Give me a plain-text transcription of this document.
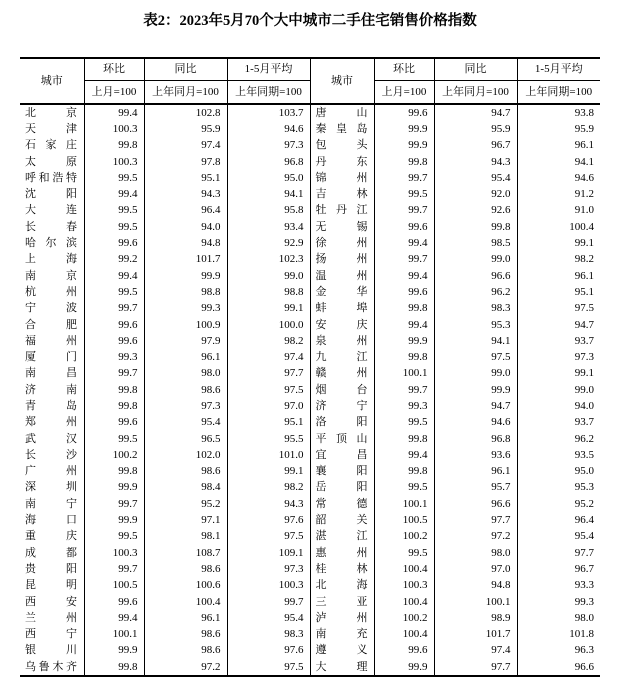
表2：2023年5月70个大中城市二手住宅销售价格指数
城市	环比	同比	1-5月平均	城市	环比	同比	1-5月平均
	上月=100	上年同月=100	上年同期=100		上月=100	上年同月=100	上年同期=100

北 京	99.4	102.8	103.7	唐 山	99.6	94.7	93.8

天 津	100.3	95.9	94.6	秦 皇 岛	99.9	95.9	95.9

石 家 庄	99.8	97.4	97.3	包 头	99.9	96.7	96.1

太 原	100.3	97.8	96.8	丹 东	99.8	94.3	94.1

呼 和 浩 特	99.5	95.1	95.0	锦 州	99.7	95.4	94.6

沈 阳	99.4	94.3	94.1	吉 林	99.5	92.0	91.2

大 连	99.5	96.4	95.8	牡 丹 江	99.7	92.6	91.0

长 春	99.5	94.0	93.4	无 锡	99.6	99.8	100.4

哈 尔 滨	99.6	94.8	92.9	徐 州	99.4	98.5	99.1

上 海	99.2	101.7	102.3	扬 州	99.7	99.0	98.2

南 京	99.4	99.9	99.0	温 州	99.4	96.6	96.1

杭 州	99.5	98.8	98.8	金 华	99.6	96.2	95.1

宁 波	99.7	99.3	99.1	蚌 埠	99.8	98.3	97.5

合 肥	99.6	100.9	100.0	安 庆	99.4	95.3	94.7

福 州	99.6	97.9	98.2	泉 州	99.9	94.1	93.7

厦 门	99.3	96.1	97.4	九 江	99.8	97.5	97.3

南 昌	99.7	98.0	97.7	赣 州	100.1	99.0	99.1

济 南	99.8	98.6	97.5	烟 台	99.7	99.9	99.0

青 岛	99.8	97.3	97.0	济 宁	99.3	94.7	94.0

郑 州	99.6	95.4	95.1	洛 阳	99.5	94.6	93.7

武 汉	99.5	96.5	95.5	平 顶 山	99.8	96.8	96.2

长 沙	100.2	102.0	101.0	宜 昌	99.4	93.6	93.5

广 州	99.8	98.6	99.1	襄 阳	99.8	96.1	95.0

深 圳	99.9	98.4	98.2	岳 阳	99.5	95.7	95.3

南 宁	99.7	95.2	94.3	常 德	100.1	96.6	95.2

海 口	99.9	97.1	97.6	韶 关	100.5	97.7	96.4

重 庆	99.5	98.1	97.5	湛 江	100.2	97.2	95.4

成 都	100.3	108.7	109.1	惠 州	99.5	98.0	97.7

贵 阳	99.7	98.6	97.3	桂 林	100.4	97.0	96.7

昆 明	100.5	100.6	100.3	北 海	100.3	94.8	93.3

西 安	99.6	100.4	99.7	三 亚	100.4	100.1	99.3

兰 州	99.4	96.1	95.4	泸 州	100.2	98.9	98.0

西 宁	100.1	98.6	98.3	南 充	100.4	101.7	101.8

银 川	99.9	98.6	97.6	遵 义	99.6	97.4	96.3

乌 鲁 木 齐	99.8	97.2	97.5	大 理	99.9	97.7	96.6
